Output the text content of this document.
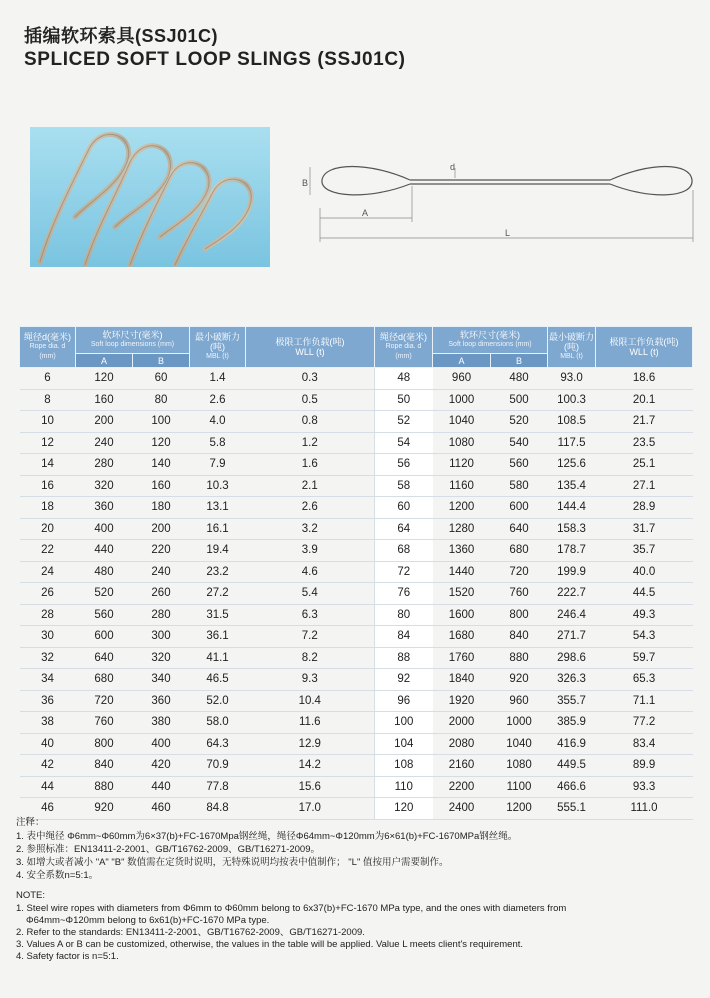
插编软环索具(SSJ01C)
SPLICED SOFT LOOP SLINGS (SSJ01C)
d
B
A
L
绳径d(毫米)
Rope dia. d
(mm)	软环尺寸(毫米)
Soft loop dimensions (mm)		最小破断力
(吨)
MBL (t)	极限工作负载(吨)
WLL (t)	绳径d(毫米)
Rope dia. d
(mm)	软环尺寸(毫米)
Soft loop dimensions (mm)		最小破断力
(吨)
MBL (t)	极限工作负载(吨)
WLL (t)
	A	B				A	B		
6	120	60	1.4	0.3	48	960	480	93.0	18.6
8	160	80	2.6	0.5	50	1000	500	100.3	20.1
10	200	100	4.0	0.8	52	1040	520	108.5	21.7
12	240	120	5.8	1.2	54	1080	540	117.5	23.5
14	280	140	7.9	1.6	56	1120	560	125.6	25.1
16	320	160	10.3	2.1	58	1160	580	135.4	27.1
18	360	180	13.1	2.6	60	1200	600	144.4	28.9
20	400	200	16.1	3.2	64	1280	640	158.3	31.7
22	440	220	19.4	3.9	68	1360	680	178.7	35.7
24	480	240	23.2	4.6	72	1440	720	199.9	40.0
26	520	260	27.2	5.4	76	1520	760	222.7	44.5
28	560	280	31.5	6.3	80	1600	800	246.4	49.3
30	600	300	36.1	7.2	84	1680	840	271.7	54.3
32	640	320	41.1	8.2	88	1760	880	298.6	59.7
34	680	340	46.5	9.3	92	1840	920	326.3	65.3
36	720	360	52.0	10.4	96	1920	960	355.7	71.1
38	760	380	58.0	11.6	100	2000	1000	385.9	77.2
40	800	400	64.3	12.9	104	2080	1040	416.9	83.4
42	840	420	70.9	14.2	108	2160	1080	449.5	89.9
44	880	440	77.8	15.6	110	2200	1100	466.6	93.3
46	920	460	84.8	17.0	120	2400	1200	555.1	111.0
注释：
1. 表中绳径 Φ6mm~Φ60mm为6×37(b)+FC-1670Mpa钢丝绳，绳径Φ64mm~Φ120mm为6×61(b)+FC-1670MPa钢丝绳。
2. 参照标准：EN13411-2-2001、GB/T16762-2009、GB/T16271-2009。
3. 如增大或者减小 "A" "B" 数值需在定货时说明，无特殊说明均按表中值制作； "L" 值按用户需要制作。
4. 安全系数n=5:1。
NOTE:
1. Steel wire ropes with diameters from Φ6mm to Φ60mm belong to 6x37(b)+FC-1670 MPa type, and the ones with diameters from
Φ64mm~Φ120mm belong to 6x61(b)+FC-1670 MPa type.
2. Refer to the standards: EN13411-2-2001、GB/T16762-2009、GB/T16271-2009.
3. Values A or B can be customized, otherwise, the values in the table will be applied. Value L meets client's requirement.
4. Safety factor is n=5:1.
